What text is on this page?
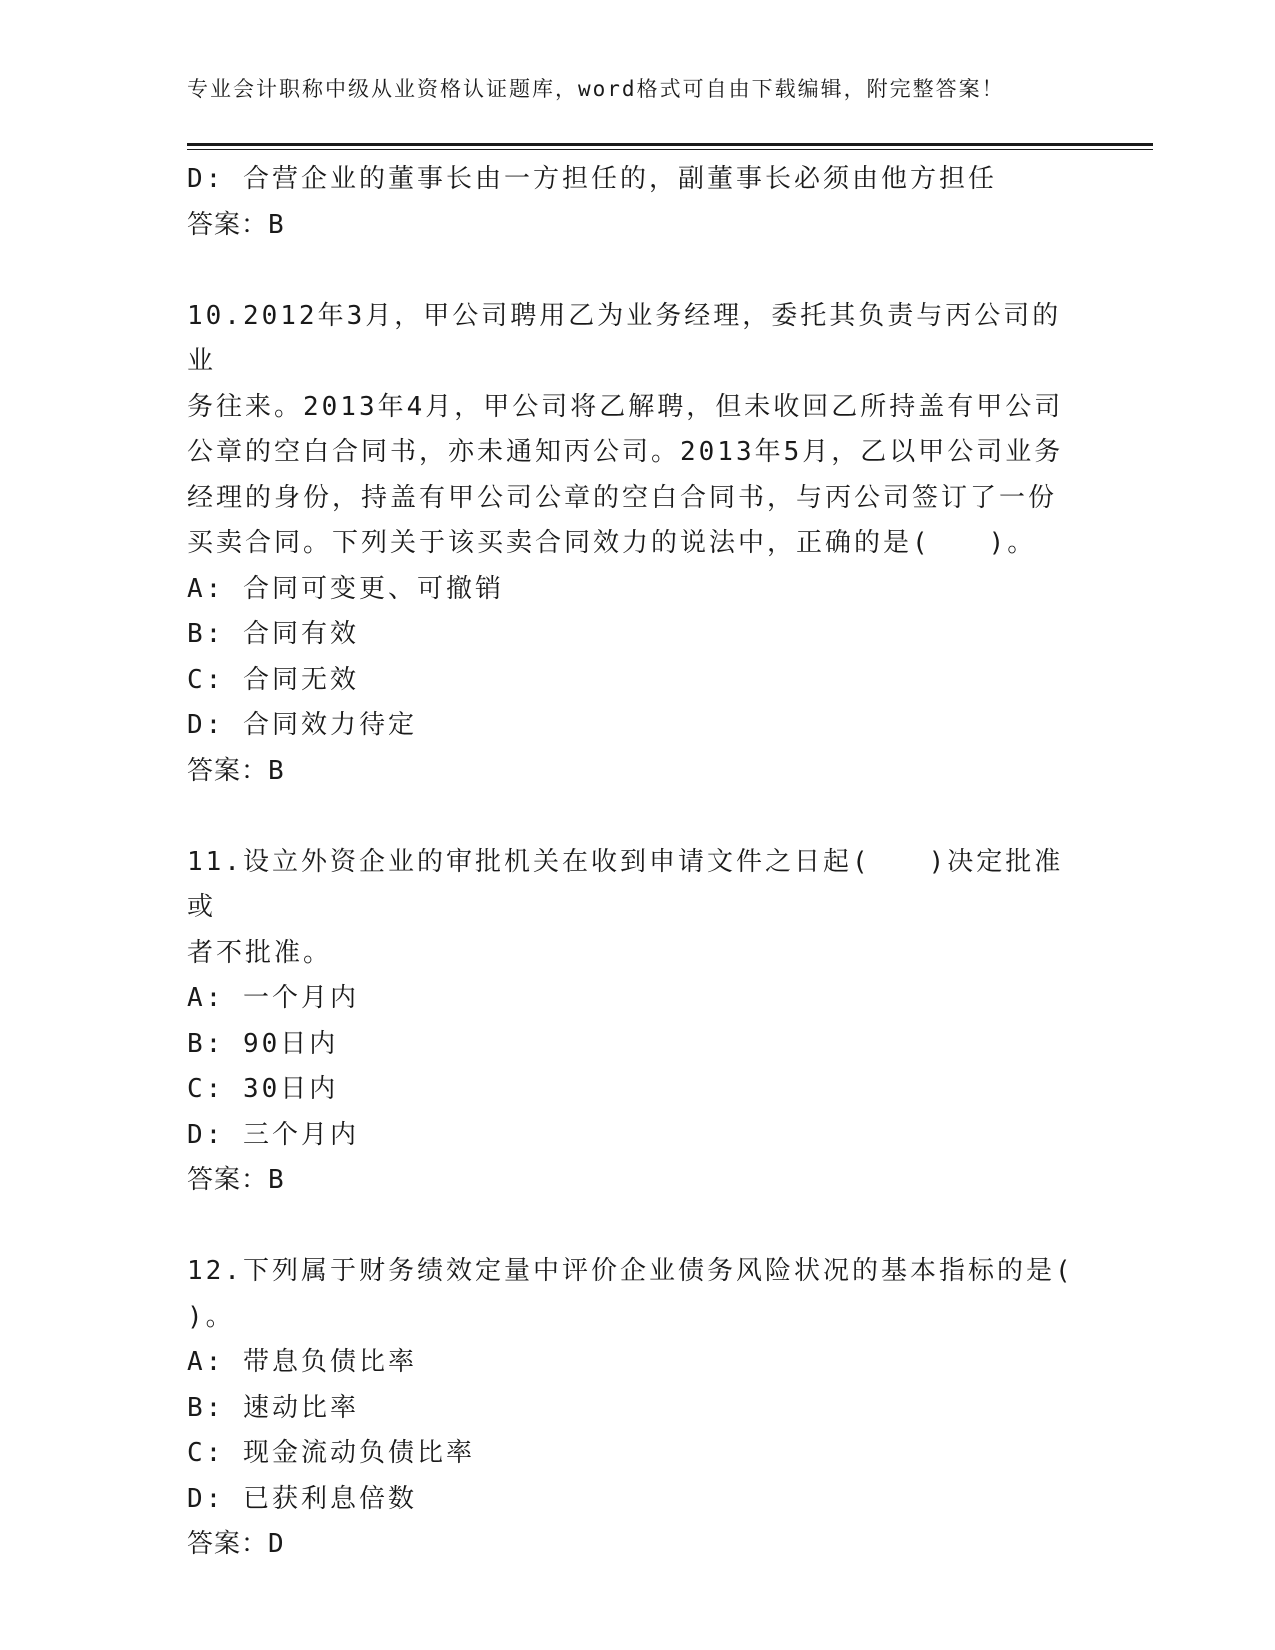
专业会计职称中级从业资格认证题库，word格式可自由下载编辑，附完整答案！
D: 合营企业的董事长由一方担任的，副董事长必须由他方担任
答案：B
10.2012年3月，甲公司聘用乙为业务经理，委托其负责与丙公司的业
务往来。2013年4月，甲公司将乙解聘，但未收回乙所持盖有甲公司
公章的空白合同书，亦未通知丙公司。2013年5月，乙以甲公司业务
经理的身份，持盖有甲公司公章的空白合同书，与丙公司签订了一份
买卖合同。下列关于该买卖合同效力的说法中，正确的是(　　)。
A: 合同可变更、可撤销
B: 合同有效
C: 合同无效
D: 合同效力待定
答案：B
11.设立外资企业的审批机关在收到申请文件之日起(　　)决定批准或
者不批准。
A: 一个月内
B: 90日内
C: 30日内
D: 三个月内
答案：B
12.下列属于财务绩效定量中评价企业债务风险状况的基本指标的是(
)。
A: 带息负债比率
B: 速动比率
C: 现金流动负债比率
D: 已获利息倍数
答案：D
